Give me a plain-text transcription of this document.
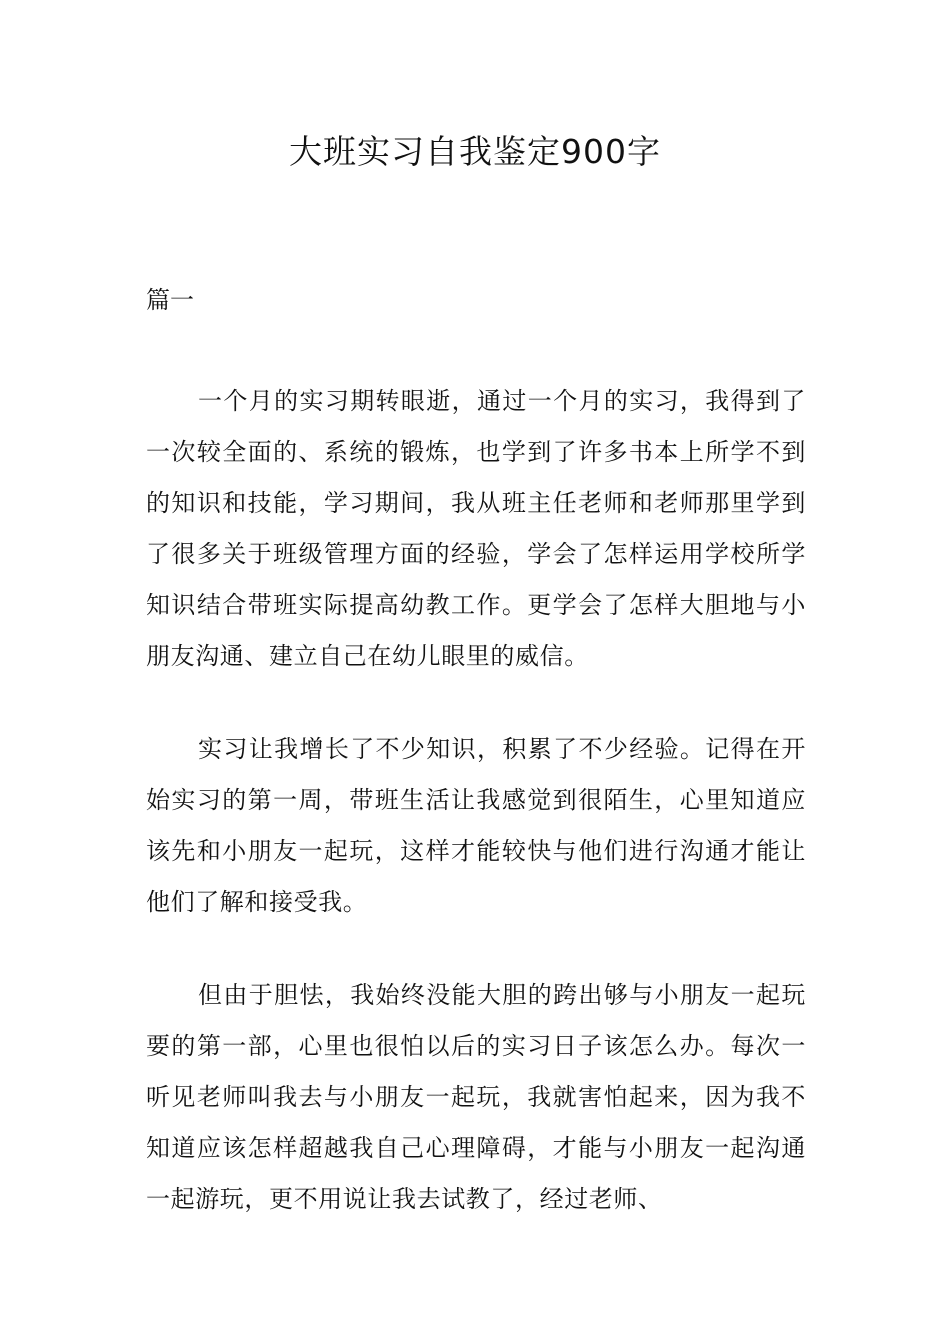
大班实习自我鉴定900字

篇一

一个月的实习期转眼逝，通过一个月的实习，我得到了一次较全面的、系统的锻炼，也学到了许多书本上所学不到的知识和技能，学习期间，我从班主任老师和老师那里学到了很多关于班级管理方面的经验，学会了怎样运用学校所学知识结合带班实际提高幼教工作。更学会了怎样大胆地与小朋友沟通、建立自己在幼儿眼里的威信。

实习让我增长了不少知识，积累了不少经验。记得在开始实习的第一周，带班生活让我感觉到很陌生，心里知道应该先和小朋友一起玩，这样才能较快与他们进行沟通才能让他们了解和接受我。

但由于胆怯，我始终没能大胆的跨出够与小朋友一起玩要的第一部，心里也很怕以后的实习日子该怎么办。每次一听见老师叫我去与小朋友一起玩，我就害怕起来，因为我不知道应该怎样超越我自己心理障碍，才能与小朋友一起沟通一起游玩，更不用说让我去试教了，经过老师、
